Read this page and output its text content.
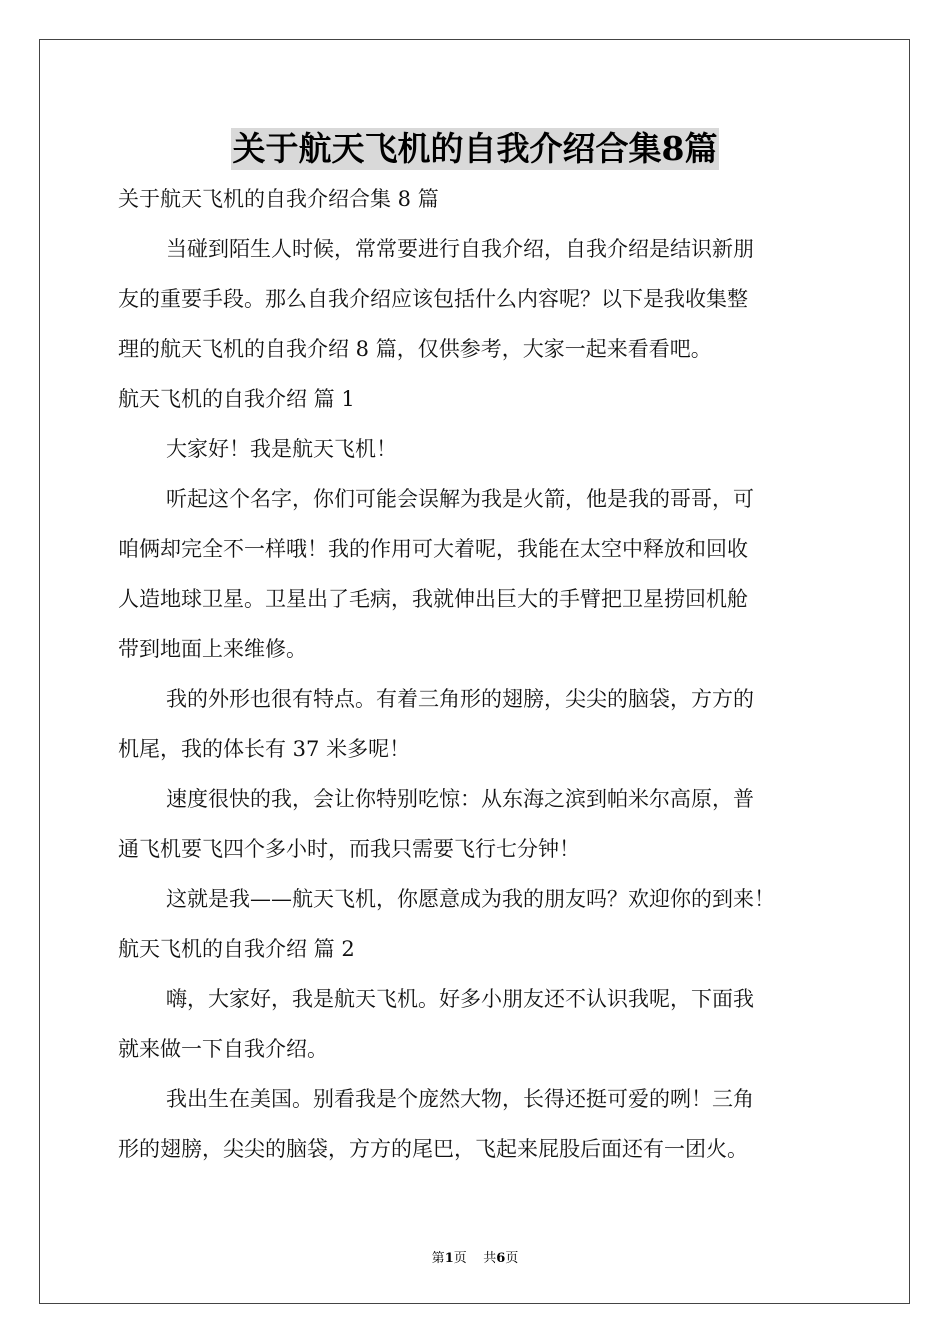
关于航天飞机的自我介绍合集8篇
关于航天飞机的自我介绍合集 8 篇
当碰到陌生人时候，常常要进行自我介绍，自我介绍是结识新朋
友的重要手段。那么自我介绍应该包括什么内容呢？以下是我收集整
理的航天飞机的自我介绍 8 篇，仅供参考，大家一起来看看吧。
航天飞机的自我介绍 篇 1
大家好！我是航天飞机！
听起这个名字，你们可能会误解为我是火箭，他是我的哥哥，可
咱俩却完全不一样哦！我的作用可大着呢，我能在太空中释放和回收
人造地球卫星。卫星出了毛病，我就伸出巨大的手臂把卫星捞回机舱
带到地面上来维修。
我的外形也很有特点。有着三角形的翅膀，尖尖的脑袋，方方的
机尾，我的体长有 37 米多呢！
速度很快的我，会让你特别吃惊：从东海之滨到帕米尔高原，普
通飞机要飞四个多小时，而我只需要飞行七分钟！
这就是我——航天飞机，你愿意成为我的朋友吗？欢迎你的到来！
航天飞机的自我介绍 篇 2
嗨，大家好，我是航天飞机。好多小朋友还不认识我呢，下面我
就来做一下自我介绍。
我出生在美国。别看我是个庞然大物，长得还挺可爱的咧！三角
形的翅膀，尖尖的脑袋，方方的尾巴，飞起来屁股后面还有一团火。
第1页    共6页
